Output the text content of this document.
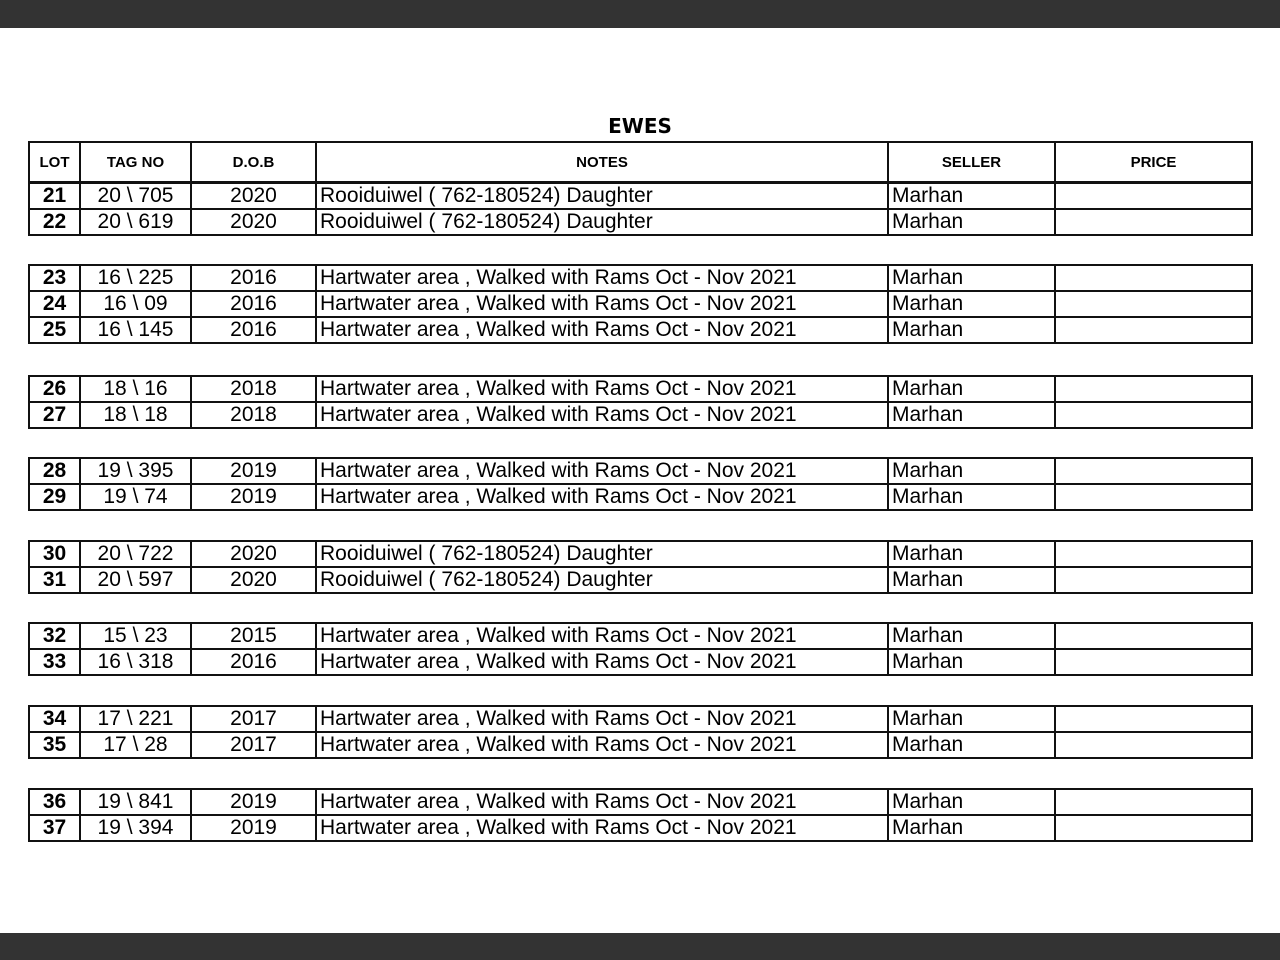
EWES
LOT	TAG NO	D.O.B	NOTES	SELLER	PRICE
21	20 \ 705	2020	Rooiduiwel ( 762-180524) Daughter	Marhan	
22	20 \ 619	2020	Rooiduiwel ( 762-180524) Daughter	Marhan	
23	16 \ 225	2016	Hartwater area , Walked with Rams Oct - Nov 2021	Marhan	
24	16 \ 09	2016	Hartwater area , Walked with Rams Oct - Nov 2021	Marhan	
25	16 \ 145	2016	Hartwater area , Walked with Rams Oct - Nov 2021	Marhan	
26	18 \ 16	2018	Hartwater area , Walked with Rams Oct - Nov 2021	Marhan	
27	18 \ 18	2018	Hartwater area , Walked with Rams Oct - Nov 2021	Marhan	
28	19 \ 395	2019	Hartwater area , Walked with Rams Oct - Nov 2021	Marhan	
29	19 \ 74	2019	Hartwater area , Walked with Rams Oct - Nov 2021	Marhan	
30	20 \ 722	2020	Rooiduiwel ( 762-180524) Daughter	Marhan	
31	20 \ 597	2020	Rooiduiwel ( 762-180524) Daughter	Marhan	
32	15 \ 23	2015	Hartwater area , Walked with Rams Oct - Nov 2021	Marhan	
33	16 \ 318	2016	Hartwater area , Walked with Rams Oct - Nov 2021	Marhan	
34	17 \ 221	2017	Hartwater area , Walked with Rams Oct - Nov 2021	Marhan	
35	17 \ 28	2017	Hartwater area , Walked with Rams Oct - Nov 2021	Marhan	
36	19 \ 841	2019	Hartwater area , Walked with Rams Oct - Nov 2021	Marhan	
37	19 \ 394	2019	Hartwater area , Walked with Rams Oct - Nov 2021	Marhan	
